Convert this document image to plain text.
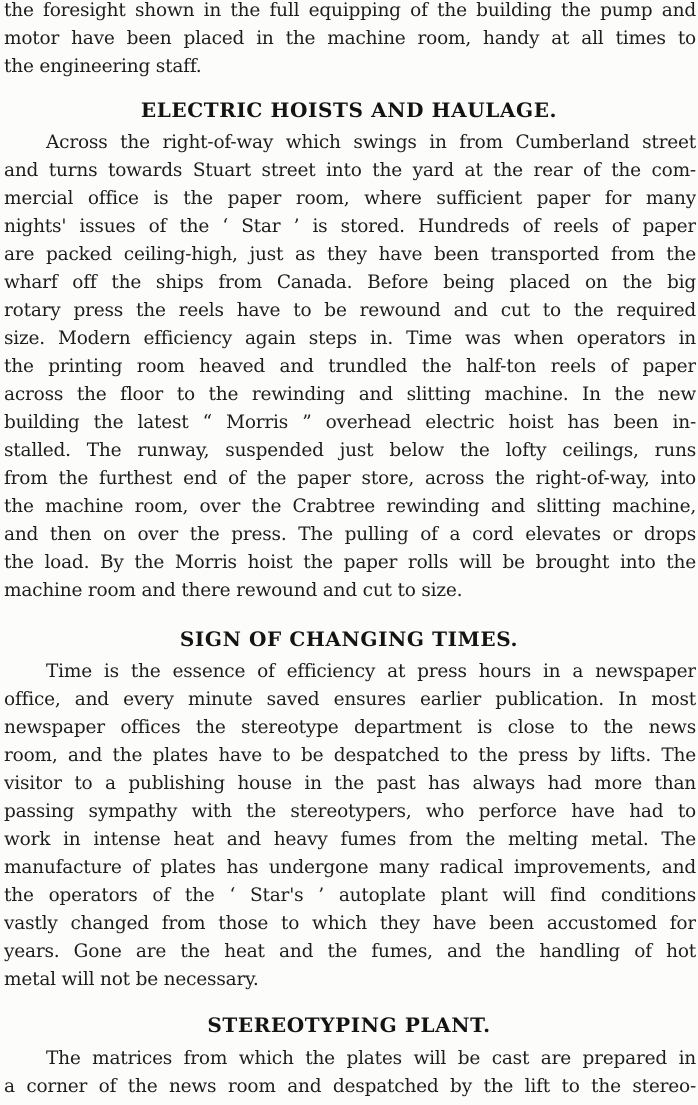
the foresight shown in the full equipping of the building the pump and
motor have been placed in the machine room, handy at all times to
the engineering staff.
ELECTRIC HOISTS AND HAULAGE.
Across the right-of-way which swings in from Cumberland street
and turns towards Stuart street into the yard at the rear of the com-
mercial office is the paper room, where sufficient paper for many
nights' issues of the ‘ Star ’ is stored. Hundreds of reels of paper
are packed ceiling-high, just as they have been transported from the
wharf off the ships from Canada. Before being placed on the big
rotary press the reels have to be rewound and cut to the required
size. Modern efficiency again steps in. Time was when operators in
the printing room heaved and trundled the half-ton reels of paper
across the floor to the rewinding and slitting machine. In the new
building the latest “ Morris ” overhead electric hoist has been in-
stalled. The runway, suspended just below the lofty ceilings, runs
from the furthest end of the paper store, across the right-of-way, into
the machine room, over the Crabtree rewinding and slitting machine,
and then on over the press. The pulling of a cord elevates or drops
the load. By the Morris hoist the paper rolls will be brought into the
machine room and there rewound and cut to size.
SIGN OF CHANGING TIMES.
Time is the essence of efficiency at press hours in a newspaper
office, and every minute saved ensures earlier publication. In most
newspaper offices the stereotype department is close to the news
room, and the plates have to be despatched to the press by lifts. The
visitor to a publishing house in the past has always had more than
passing sympathy with the stereotypers, who perforce have had to
work in intense heat and heavy fumes from the melting metal. The
manufacture of plates has undergone many radical improvements, and
the operators of the ‘ Star's ’ autoplate plant will find conditions
vastly changed from those to which they have been accustomed for
years. Gone are the heat and the fumes, and the handling of hot
metal will not be necessary.
STEREOTYPING PLANT.
The matrices from which the plates will be cast are prepared in
a corner of the news room and despatched by the lift to the stereo-
